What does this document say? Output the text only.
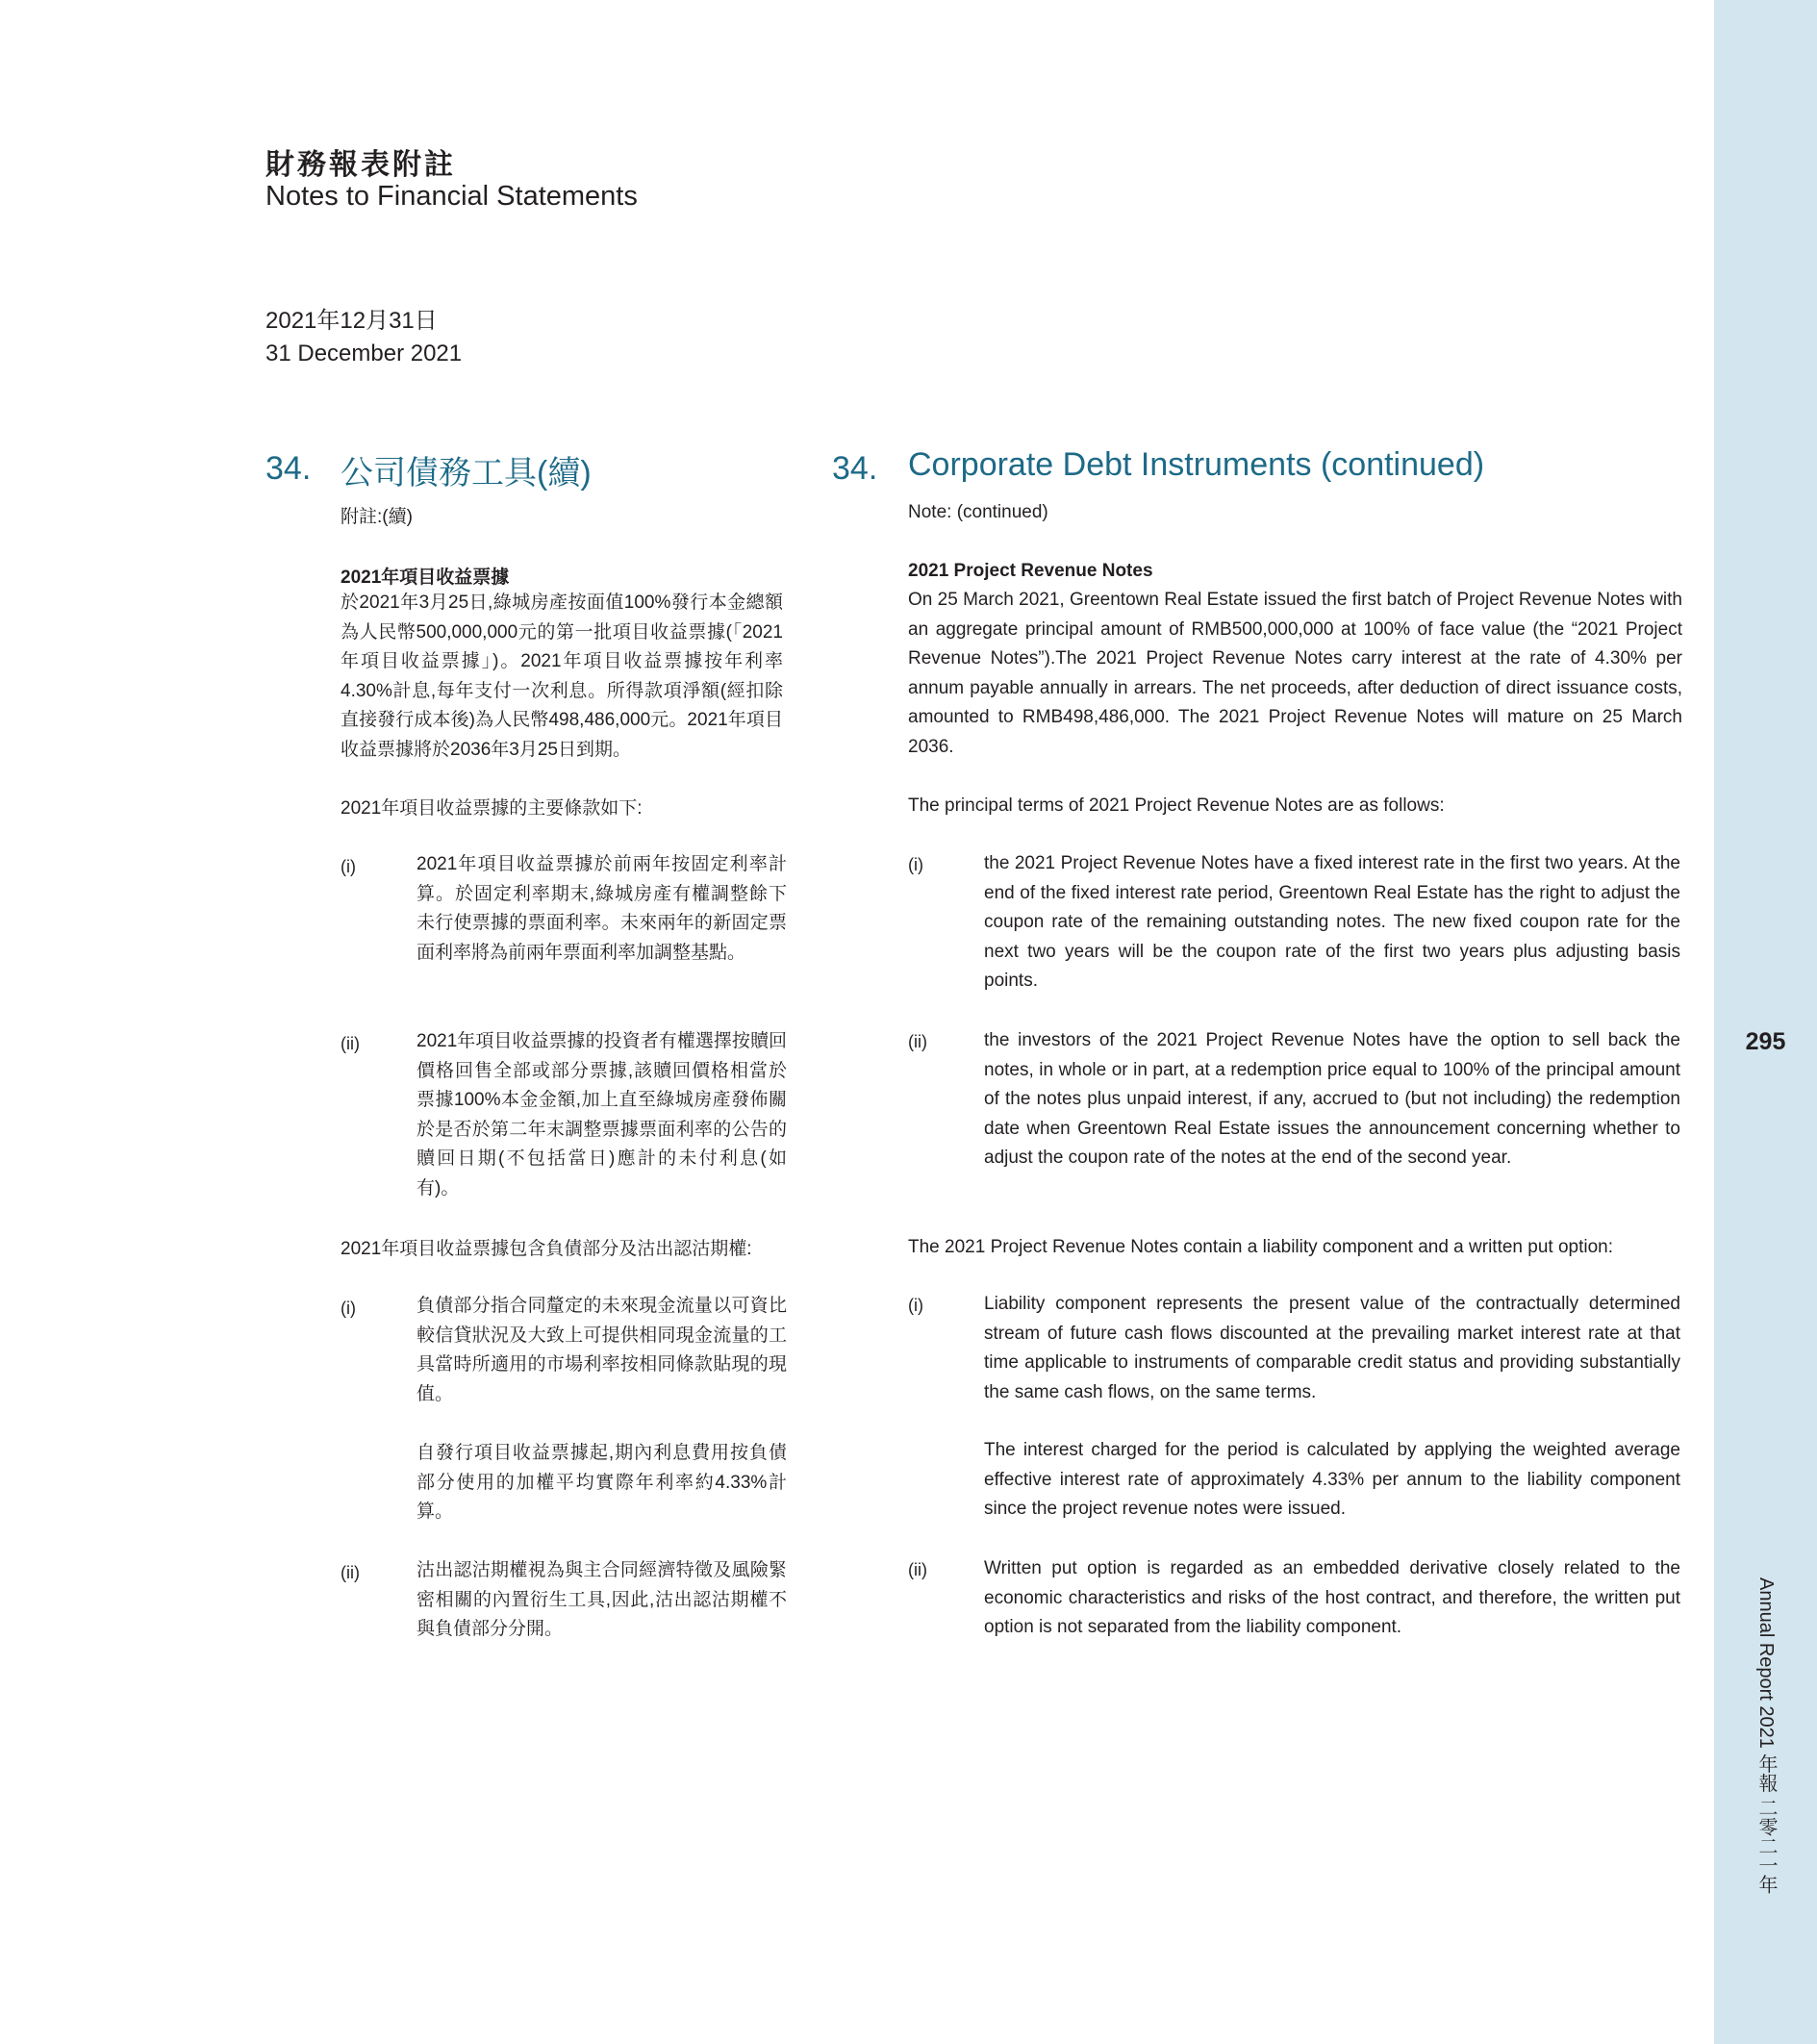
295
Annual Report 2021 年報 二零二一年
財務報表附註
Notes to Financial Statements
2021年12月31日
31 December 2021
34. 公司債務工具(續)
附註:(續)
2021年項目收益票據
於2021年3月25日,綠城房產按面值100%發行本金總額為人民幣500,000,000元的第一批項目收益票據(「2021年項目收益票據」)。2021年項目收益票據按年利率4.30%計息,每年支付一次利息。所得款項淨額(經扣除直接發行成本後)為人民幣498,486,000元。2021年項目收益票據將於2036年3月25日到期。
2021年項目收益票據的主要條款如下:
(i)	2021年項目收益票據於前兩年按固定利率計算。於固定利率期末,綠城房產有權調整餘下未行使票據的票面利率。未來兩年的新固定票面利率將為前兩年票面利率加調整基點。
(ii)	2021年項目收益票據的投資者有權選擇按贖回價格回售全部或部分票據,該贖回價格相當於票據100%本金金額,加上直至綠城房產發佈關於是否於第二年末調整票據票面利率的公告的贖回日期(不包括當日)應計的未付利息(如有)。
2021年項目收益票據包含負債部分及沽出認沽期權:
(i)	負債部分指合同釐定的未來現金流量以可資比較信貸狀況及大致上可提供相同現金流量的工具當時所適用的市場利率按相同條款貼現的現值。
自發行項目收益票據起,期內利息費用按負債部分使用的加權平均實際年利率約4.33%計算。
(ii)	沽出認沽期權視為與主合同經濟特徵及風險緊密相關的內置衍生工具,因此,沽出認沽期權不與負債部分分開。
34. Corporate Debt Instruments (continued)
Note: (continued)
2021 Project Revenue Notes
On 25 March 2021, Greentown Real Estate issued the first batch of Project Revenue Notes with an aggregate principal amount of RMB500,000,000 at 100% of face value (the “2021 Project Revenue Notes”).The 2021 Project Revenue Notes carry interest at the rate of 4.30% per annum payable annually in arrears. The net proceeds, after deduction of direct issuance costs, amounted to RMB498,486,000. The 2021 Project Revenue Notes will mature on 25 March 2036.
The principal terms of 2021 Project Revenue Notes are as follows:
(i)	the 2021 Project Revenue Notes have a fixed interest rate in the first two years. At the end of the fixed interest rate period, Greentown Real Estate has the right to adjust the coupon rate of the remaining outstanding notes. The new fixed coupon rate for the next two years will be the coupon rate of the first two years plus adjusting basis points.
(ii)	the investors of the 2021 Project Revenue Notes have the option to sell back the notes, in whole or in part, at a redemption price equal to 100% of the principal amount of the notes plus unpaid interest, if any, accrued to (but not including) the redemption date when Greentown Real Estate issues the announcement concerning whether to adjust the coupon rate of the notes at the end of the second year.
The 2021 Project Revenue Notes contain a liability component and a written put option:
(i)	Liability component represents the present value of the contractually determined stream of future cash flows discounted at the prevailing market interest rate at that time applicable to instruments of comparable credit status and providing substantially the same cash flows, on the same terms.
The interest charged for the period is calculated by applying the weighted average effective interest rate of approximately 4.33% per annum to the liability component since the project revenue notes were issued.
(ii)	Written put option is regarded as an embedded derivative closely related to the economic characteristics and risks of the host contract, and therefore, the written put option is not separated from the liability component.
